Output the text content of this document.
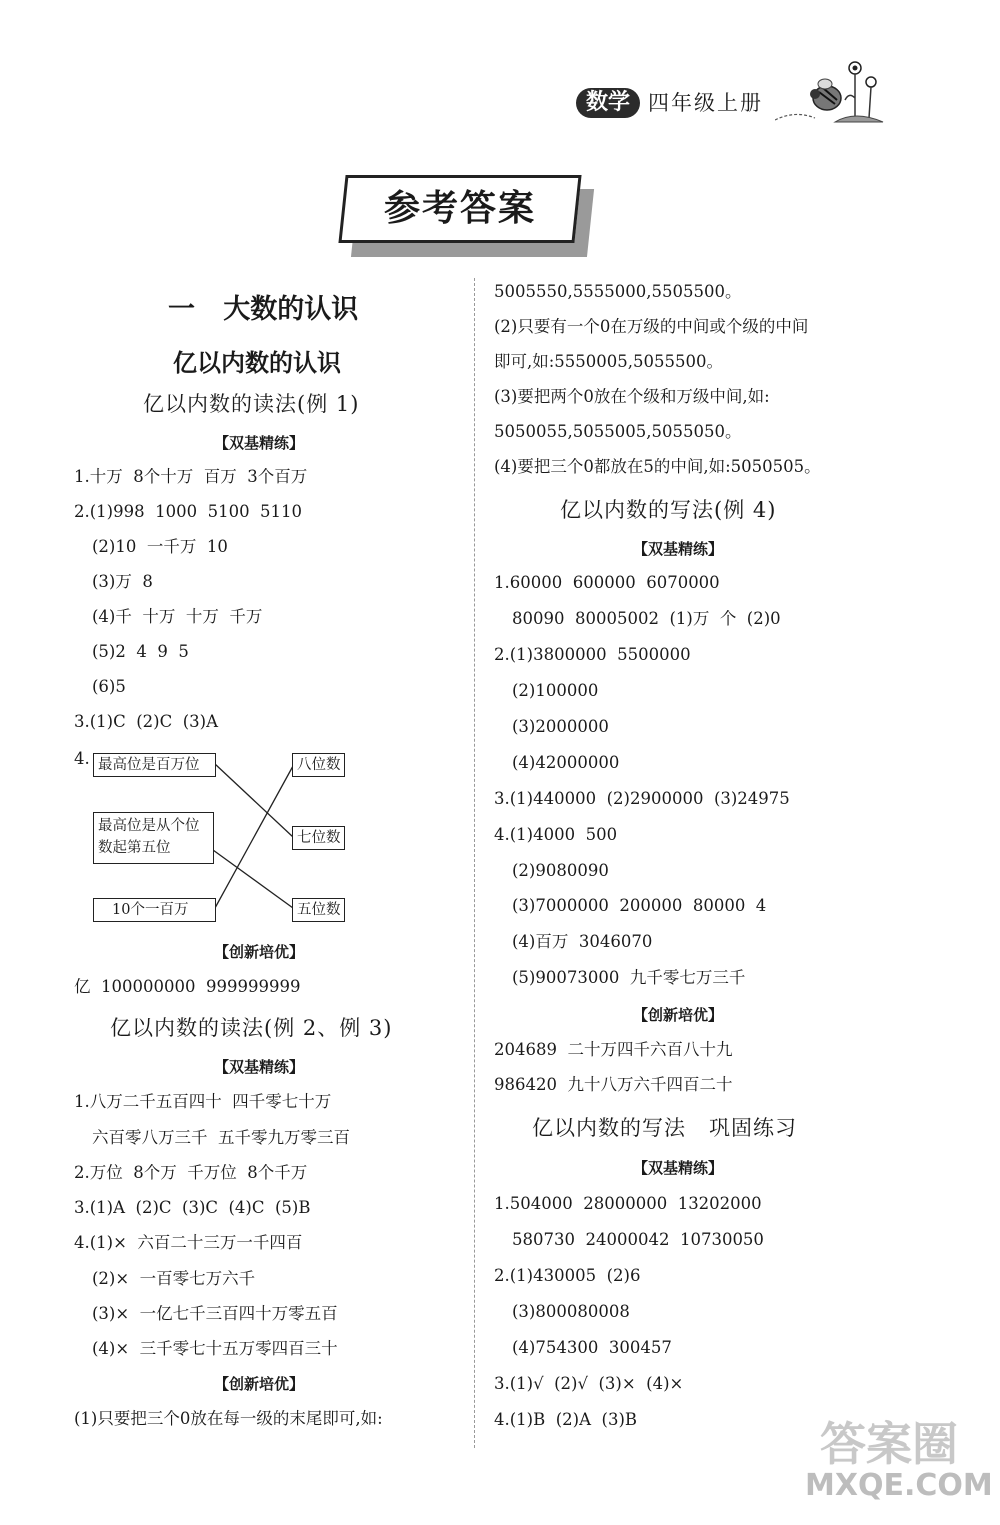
数学 四年级上册
参考答案
一   大数的认识
亿以内数的认识
亿以内数的读法(例 1)
【双基精练】
1.十万  8个十万  百万  3个百万
2.(1)998  1000  5100  5110
(2)10  一千万  10
(3)万  8
(4)千  十万  十万  千万
(5)2  4  9  5
(6)5
3.(1)C  (2)C  (3)A
4. 最高位是百万位
最高位是从个位
数起第五位
10个一百万
八位数
七位数
五位数
【创新培优】
亿  100000000  999999999
亿以内数的读法(例 2、例 3)
【双基精练】
1.八万二千五百四十  四千零七十万
六百零八万三千  五千零九万零三百
2.万位  8个万  千万位  8个千万
3.(1)A  (2)C  (3)C  (4)C  (5)B
4.(1)×  六百二十三万一千四百
(2)×  一百零七万六千
(3)×  一亿七千三百四十万零五百
(4)×  三千零七十五万零四百三十
【创新培优】
(1)只要把三个0放在每一级的末尾即可,如:
5005550,5555000,5505500。
(2)只要有一个0在万级的中间或个级的中间
即可,如:5550005,5055500。
(3)要把两个0放在个级和万级中间,如:
5050055,5055005,5055050。
(4)要把三个0都放在5的中间,如:5050505。
亿以内数的写法(例 4)
【双基精练】
1.60000  600000  6070000
80090  80005002  (1)万  个  (2)0
2.(1)3800000  5500000
(2)100000
(3)2000000
(4)42000000
3.(1)440000  (2)2900000  (3)24975
4.(1)4000  500
(2)9080090
(3)7000000  200000  80000  4
(4)百万  3046070
(5)90073000  九千零七万三千
【创新培优】
204689  二十万四千六百八十九
986420  九十八万六千四百二十
亿以内数的写法   巩固练习
【双基精练】
1.504000  28000000  13202000
580730  24000042  10730050
2.(1)430005  (2)6
(3)800080008
(4)754300  300457
3.(1)√  (2)√  (3)×  (4)×
4.(1)B  (2)A  (3)B	答案圈
MXQE.COM
